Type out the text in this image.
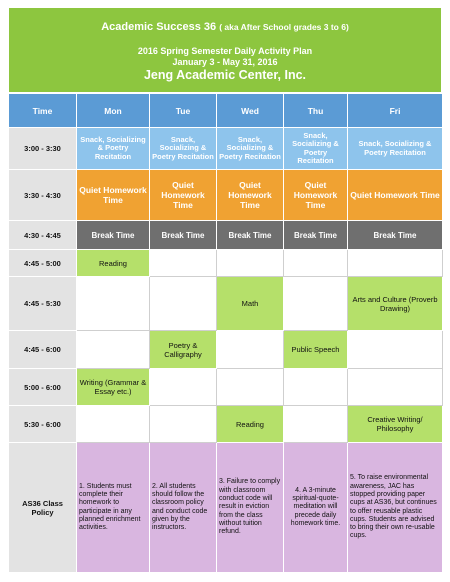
Academic Success 36 ( aka After School grades 3 to 6)
2016 Spring Semester Daily Activity Plan
January 3 - May 31, 2016
Jeng Academic Center, Inc.
Time	Mon	Tue	Wed	Thu	Fri
3:00 - 3:30	Snack, Socializing & Poetry Recitation	Snack, Socializing & Poetry Recitation	Snack, Socializing & Poetry Recitation	Snack, Socializing & Poetry Recitation	Snack, Socializing & Poetry Recitation
3:30 - 4:30	Quiet Homework Time	Quiet Homework Time	Quiet Homework Time	Quiet Homework Time	Quiet Homework Time
4:30 - 4:45	Break Time	Break Time	Break Time	Break Time	Break Time
4:45 - 5:00	Reading				
4:45 - 5:30			Math		Arts and Culture (Proverb Drawing)
4:45 - 6:00		Poetry & Calligraphy		Public Speech	
5:00 - 6:00	Writing (Grammar & Essay etc.)				
5:30 - 6:00			Reading		Creative Writing/ Philosophy
AS36 Class Policy	1. Students must complete their homework to participate in any planned enrichment activities.	2. All students should follow the classroom policy and conduct code given by the instructors.	3. Failure to comply with classroom conduct code will result in eviction from the class without tuition refund.	4. A 3-minute spiritual-quote-meditation will precede daily homework time.	5. To raise environmental awareness, JAC has stopped providing paper cups at AS36, but continues to offer reusable plastic cups. Students are advised to bring their own re-usable cups.
